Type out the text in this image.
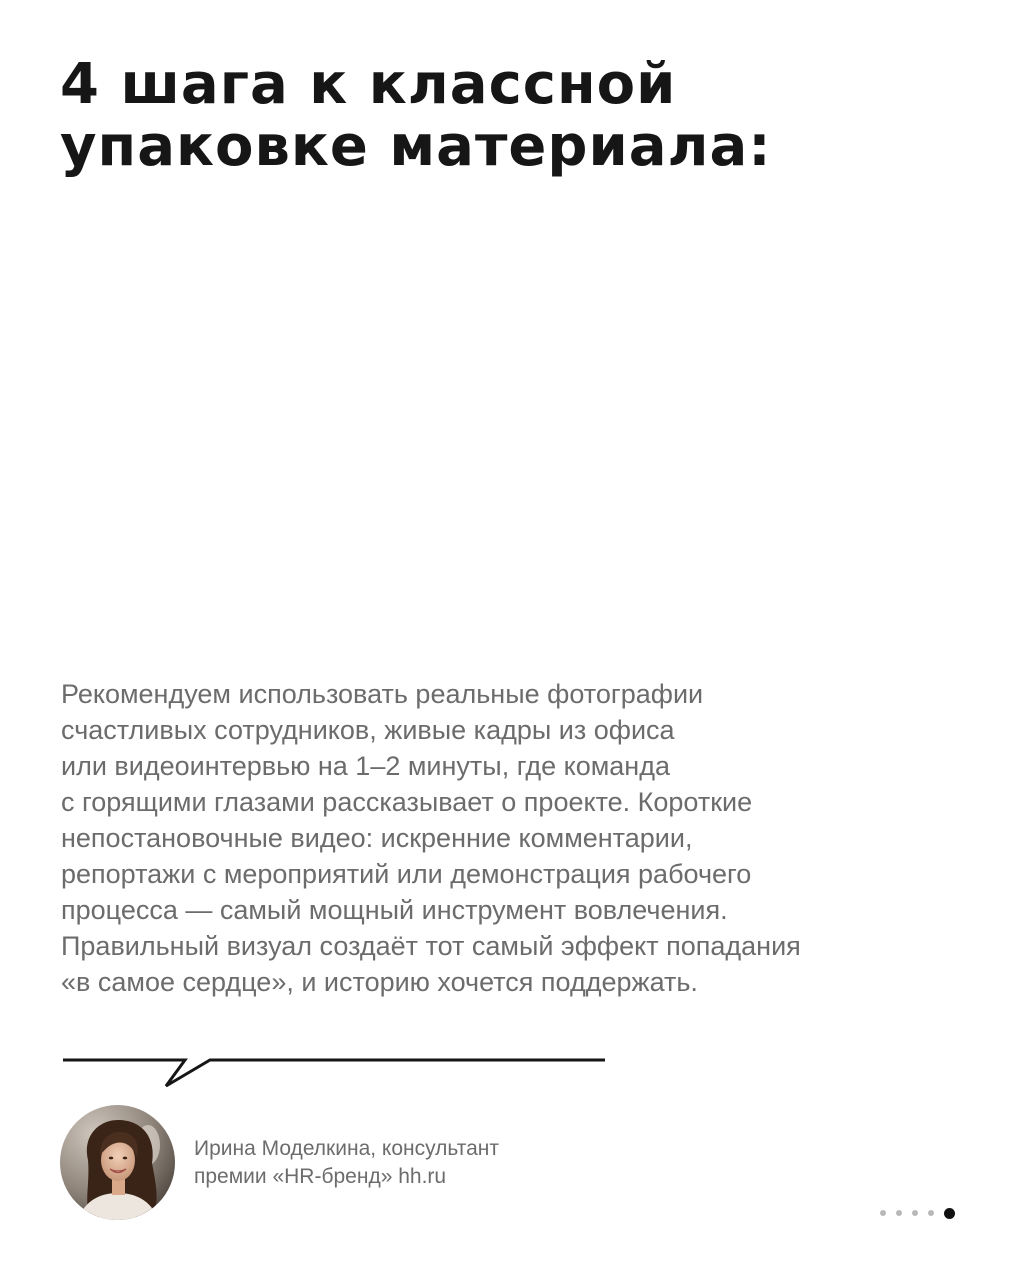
4 шага к классной
упаковке материала:
Рекомендуем использовать реальные фотографии
счастливых сотрудников, живые кадры из офиса
или видеоинтервью на 1–2 минуты, где команда
с горящими глазами рассказывает о проекте. Короткие
непостановочные видео: искренние комментарии,
репортажи с мероприятий или демонстрация рабочего
процесса — самый мощный инструмент вовлечения.
Правильный визуал создаёт тот самый эффект попадания
«в самое сердце», и историю хочется поддержать.
Ирина Моделкина, консультант
премии «HR-бренд» hh.ru
